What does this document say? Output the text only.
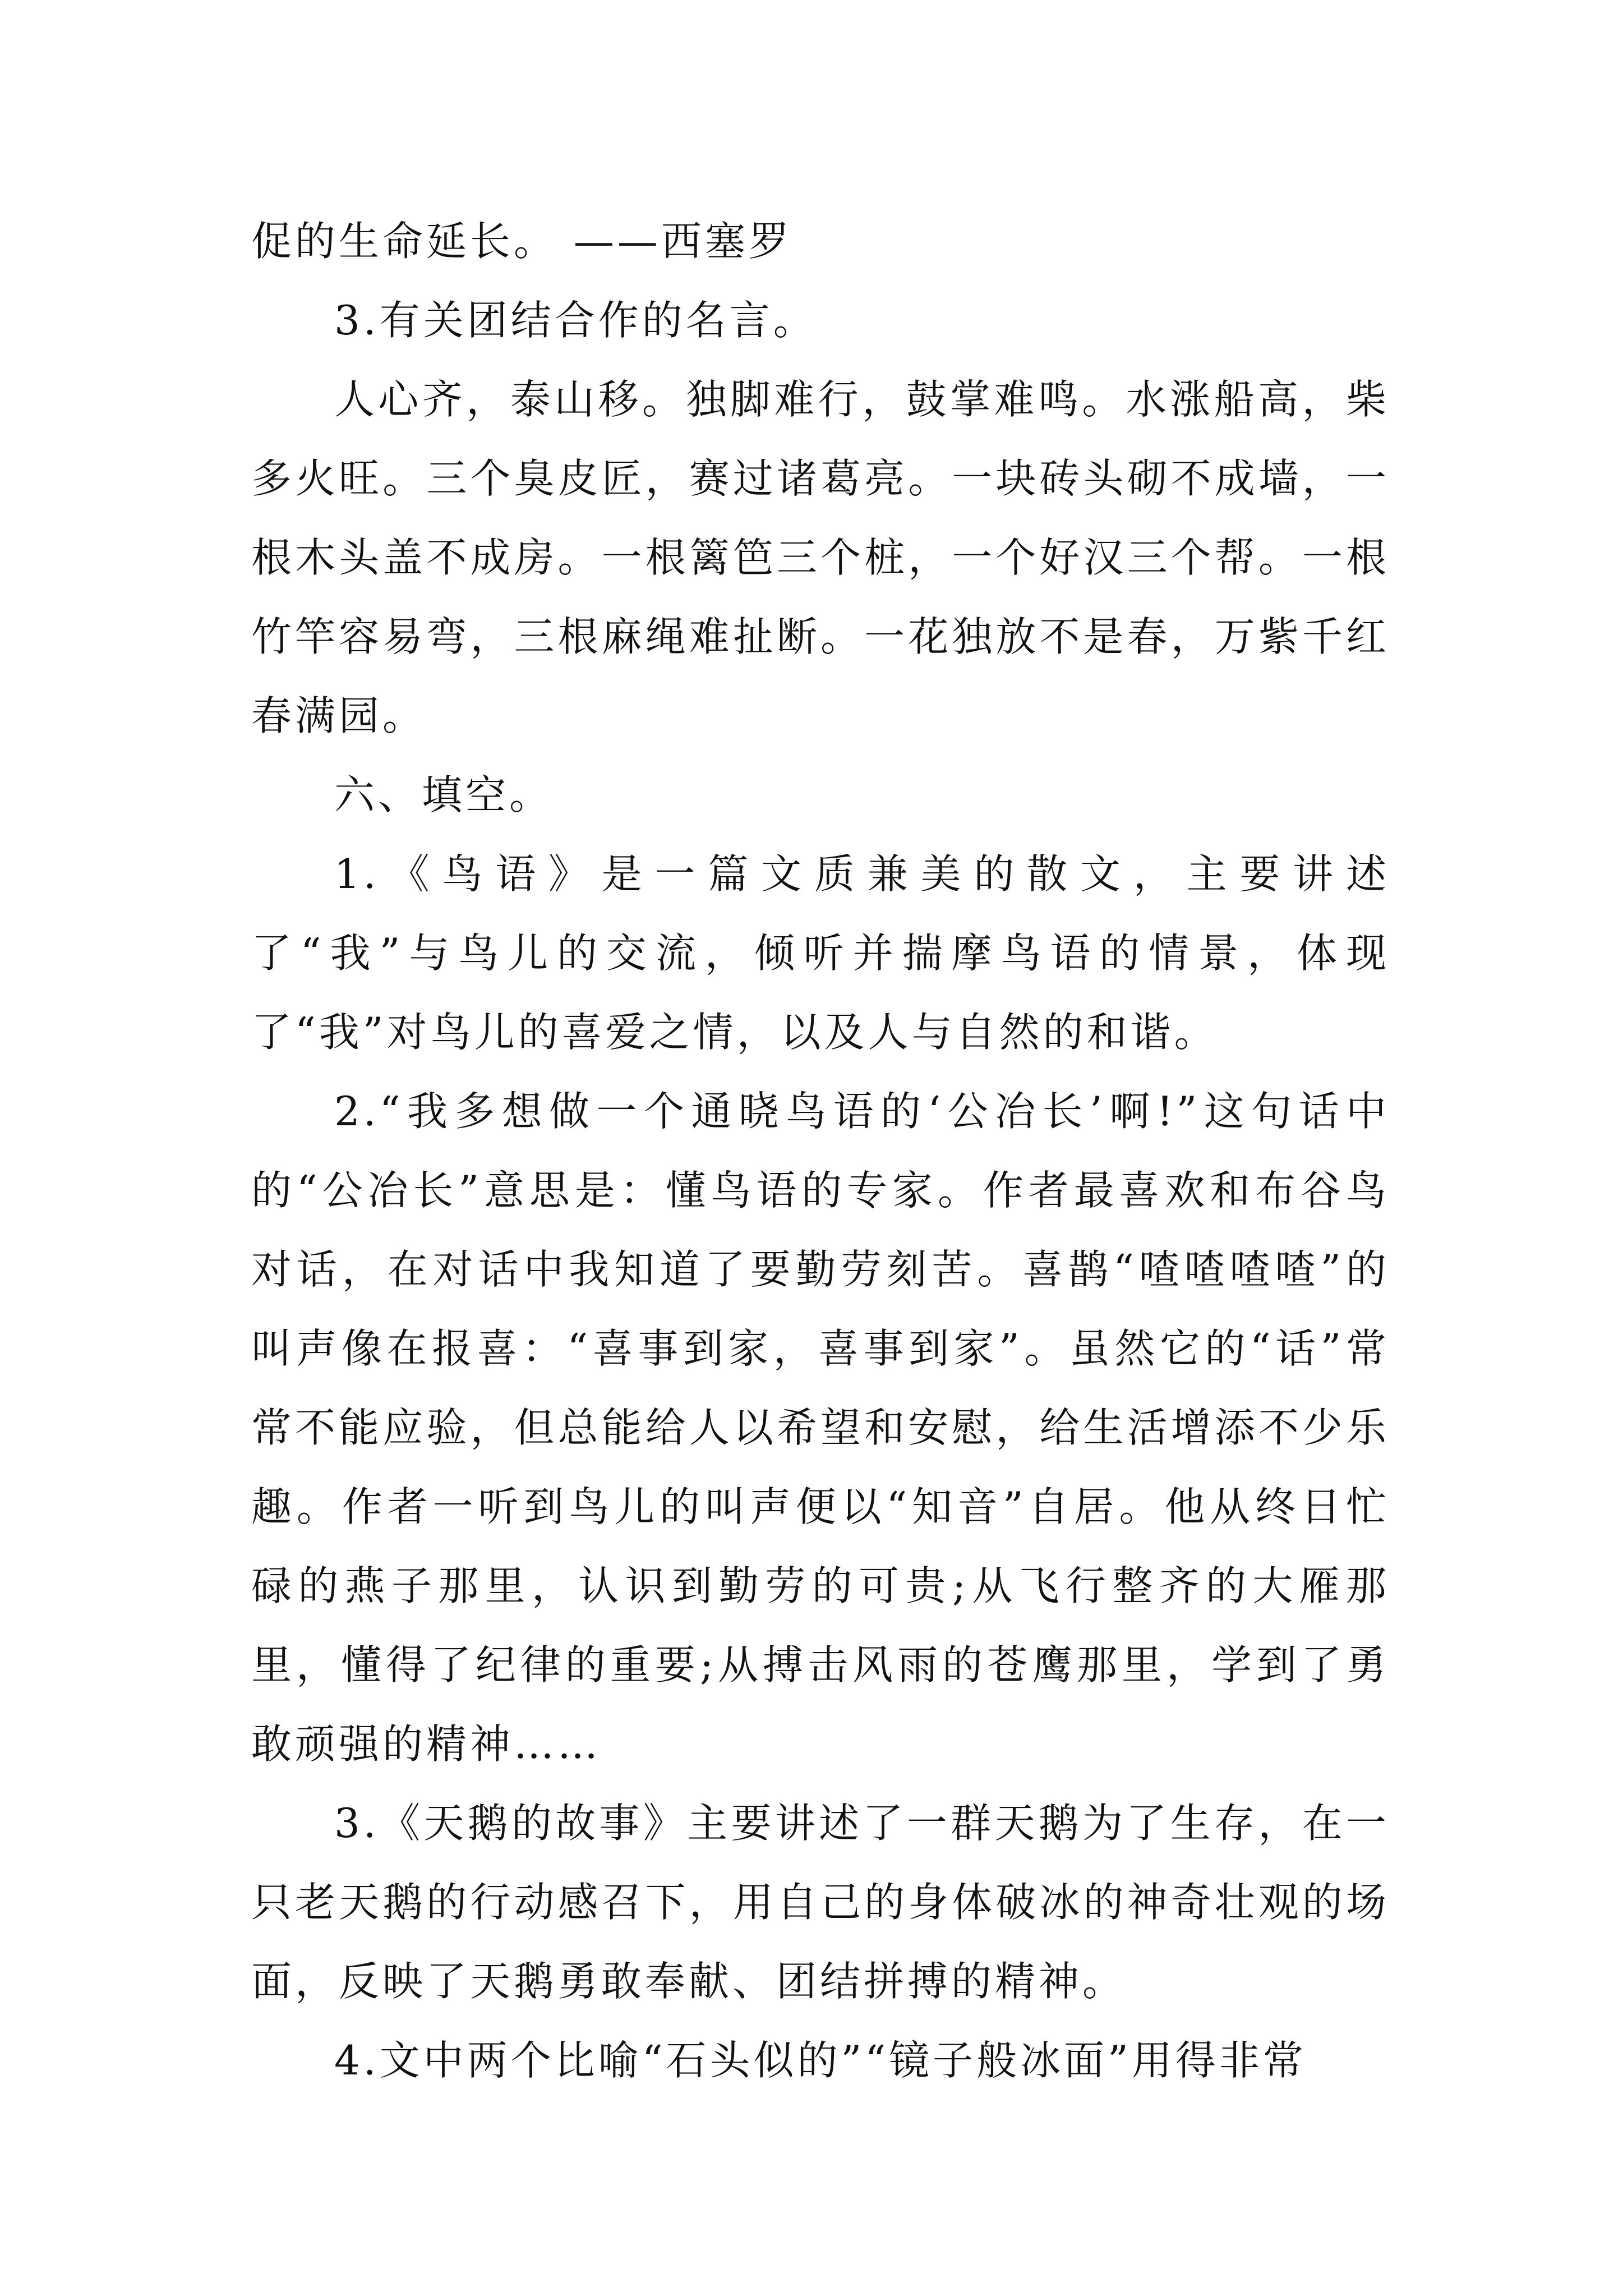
促的生命延长。 ——西塞罗

3.有关团结合作的名言。

人心齐，泰山移。独脚难行，鼓掌难鸣。水涨船高，柴多火旺。三个臭皮匠，赛过诸葛亮。一块砖头砌不成墙，一根木头盖不成房。一根篱笆三个桩，一个好汉三个帮。一根竹竿容易弯，三根麻绳难扯断。一花独放不是春，万紫千红春满园。

六、填空。

1.《鸟语》是一篇文质兼美的散文，主要讲述了“我”与鸟儿的交流，倾听并揣摩鸟语的情景，体现了“我”对鸟儿的喜爱之情，以及人与自然的和谐。

2.“我多想做一个通晓鸟语的‘公冶长’啊!”这句话中的“公冶长”意思是：懂鸟语的专家。作者最喜欢和布谷鸟对话，在对话中我知道了要勤劳刻苦。喜鹊“喳喳喳喳”的叫声像在报喜：“喜事到家，喜事到家”。虽然它的“话”常常不能应验，但总能给人以希望和安慰，给生活增添不少乐趣。作者一听到鸟儿的叫声便以“知音”自居。他从终日忙碌的燕子那里，认识到勤劳的可贵;从飞行整齐的大雁那里，懂得了纪律的重要;从搏击风雨的苍鹰那里，学到了勇敢顽强的精神……

3.《天鹅的故事》主要讲述了一群天鹅为了生存，在一只老天鹅的行动感召下，用自己的身体破冰的神奇壮观的场面，反映了天鹅勇敢奉献、团结拼搏的精神。

4.文中两个比喻“石头似的”“镜子般冰面”用得非常
